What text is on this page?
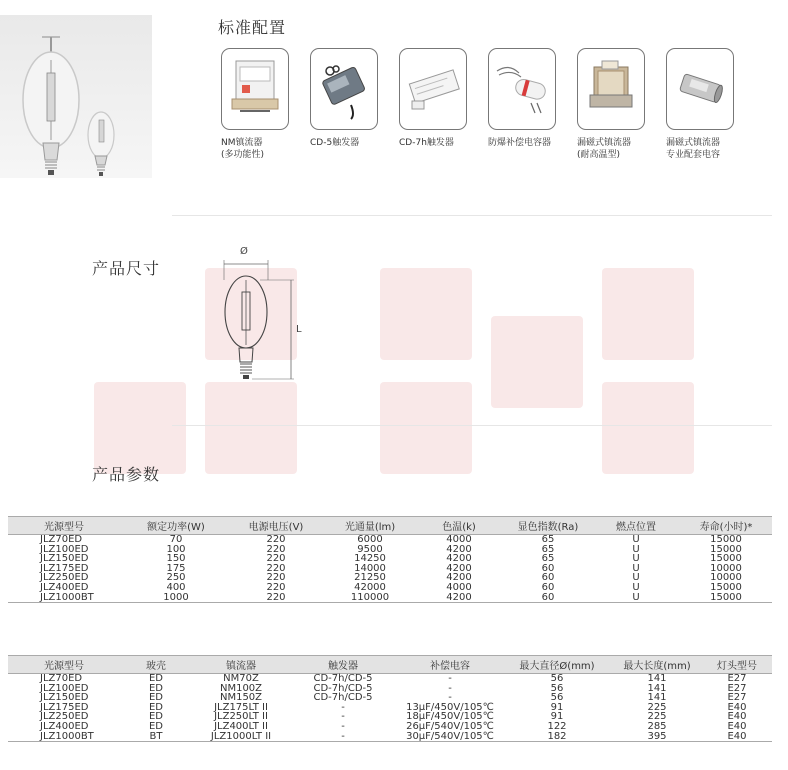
标准配置
NM镇流器
(多功能性)
CD-5触发器	CD-7h触发器	防爆补偿电容器	漏磁式镇流器
(耐高温型)
漏磁式镇流器
专业配套电容
产品尺寸
Ø
L
产品参数
光源型号	额定功率(W)	电源电压(V)	光通量(lm)	色温(k)	显色指数(Ra)	燃点位置	寿命(小时)*
JLZ70ED	70	220	6000	4000	65	U	15000
JLZ100ED	100	220	9500	4200	65	U	15000
JLZ150ED	150	220	14250	4200	65	U	15000
JLZ175ED	175	220	14000	4200	60	U	10000
JLZ250ED	250	220	21250	4200	60	U	10000
JLZ400ED	400	220	42000	4000	60	U	15000
JLZ1000BT	1000	220	110000	4200	60	U	15000
光源型号	玻壳	镇流器	触发器	补偿电容	最大直径Ø(mm)	最大长度(mm)	灯头型号
JLZ70ED	ED	NM70Z	CD-7h/CD-5	-	56	141	E27
JLZ100ED	ED	NM100Z	CD-7h/CD-5	-	56	141	E27
JLZ150ED	ED	NM150Z	CD-7h/CD-5	-	56	141	E27
JLZ175ED	ED	JLZ175LT II	-	13μF/450V/105℃	91	225	E40
JLZ250ED	ED	JLZ250LT II	-	18μF/450V/105℃	91	225	E40
JLZ400ED	ED	JLZ400LT II	-	26μF/540V/105℃	122	285	E40
JLZ1000BT	BT	JLZ1000LT II	-	30μF/540V/105℃	182	395	E40
